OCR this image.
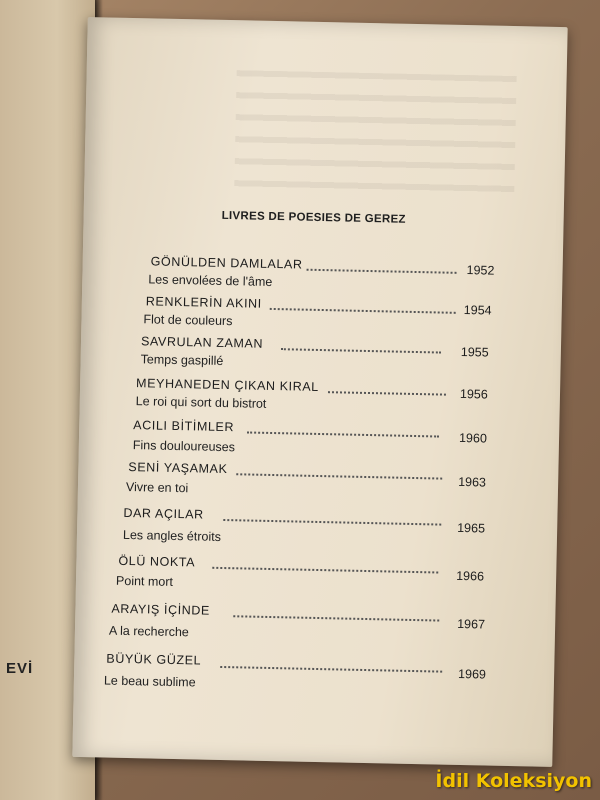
EVİ
LIVRES DE POESIES DE GEREZ
GÖNÜLDEN DAMLALAR	1952
Les envolées de l'âme
RENKLERİN AKINI	1954
Flot de couleurs
SAVRULAN ZAMAN
1955
Temps gaspillé
MEYHANEDEN ÇIKAN KIRAL
1956
Le roi qui sort du bistrot
ACILI BİTİMLER
1960
Fins douloureuses
SENİ YAŞAMAK
1963
Vivre en toi
DAR AÇILAR
1965
Les angles étroits
ÖLÜ NOKTA
1966
Point mort
ARAYIŞ İÇİNDE
1967
A la recherche
BÜYÜK GÜZEL
1969
Le beau sublime
İdil Koleksiyon
